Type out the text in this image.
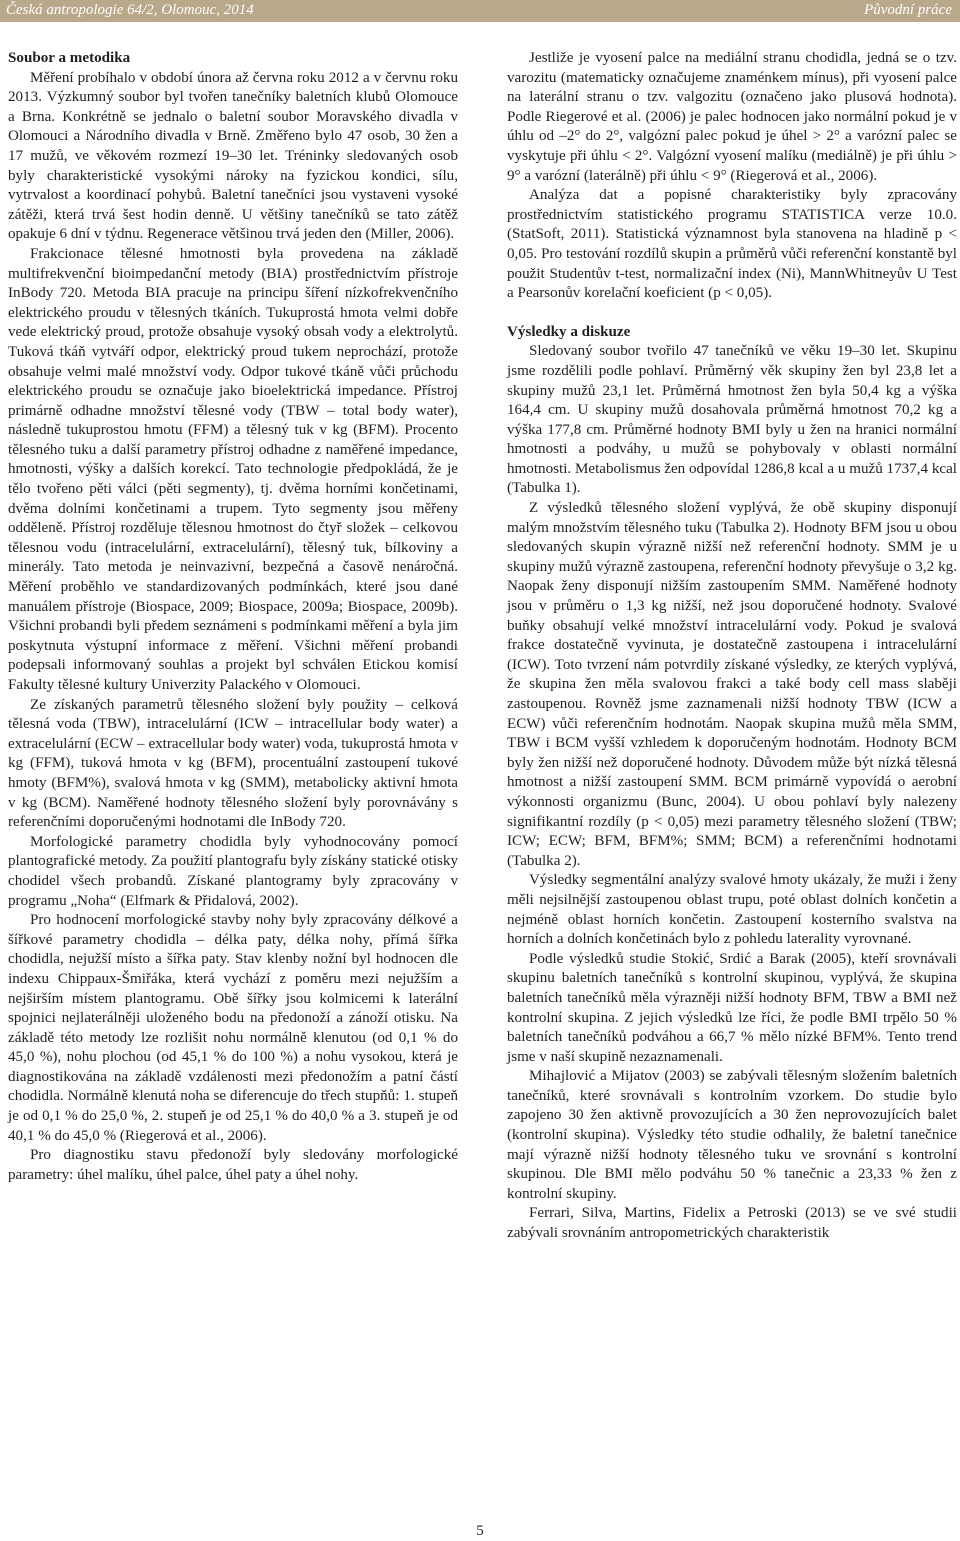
Česká antropologie 64/2, Olomouc, 2014	Původní práce
Soubor a metodika

Měření probíhalo v období února až června roku 2012 a v červnu roku 2013. Výzkumný soubor byl tvořen tanečníky baletních klubů Olomouce a Brna. Konkrétně se jednalo o baletní soubor Moravského divadla v Olomouci a Národního divadla v Brně. Změřeno bylo 47 osob, 30 žen a 17 mužů, ve věkovém rozmezí 19–30 let. Tréninky sledovaných osob byly charakteristické vysokými nároky na fyzickou kondici, sílu, vytrvalost a koordinací pohybů. Baletní tanečníci jsou vystaveni vysoké zátěži, která trvá šest hodin denně. U většiny tanečníků se tato zátěž opakuje 6 dní v týdnu. Regenerace většinou trvá jeden den (Miller, 2006).

Frakcionace tělesné hmotnosti byla provedena na základě multifrekvenční bioimpedanční metody (BIA) prostřednictvím přístroje InBody 720. Metoda BIA pracuje na principu šíření nízkofrekvenčního elektrického proudu v tělesných tkáních. Tukuprostá hmota velmi dobře vede elektrický proud, protože obsahuje vysoký obsah vody a elektrolytů. Tuková tkáň vytváří odpor, elektrický proud tukem neprochází, protože obsahuje velmi malé množství vody. Odpor tukové tkáně vůči průchodu elektrického proudu se označuje jako bioelektrická impedance. Přístroj primárně odhadne množství tělesné vody (TBW – total body water), následně tukuprostou hmotu (FFM) a tělesný tuk v kg (BFM). Procento tělesného tuku a další parametry přístroj odhadne z naměřené impedance, hmotnosti, výšky a dalších korekcí. Tato technologie předpokládá, že je tělo tvořeno pěti válci (pěti segmenty), tj. dvěma horními končetinami, dvěma dolními končetinami a trupem. Tyto segmenty jsou měřeny odděleně. Přístroj rozděluje tělesnou hmotnost do čtyř složek – celkovou tělesnou vodu (intracelulární, extracelulární), tělesný tuk, bílkoviny a minerály. Tato metoda je neinvazivní, bezpečná a časově nenáročná. Měření proběhlo ve standardizovaných podmínkách, které jsou dané manuálem přístroje (Biospace, 2009; Biospace, 2009a; Biospace, 2009b). Všichni probandi byli předem seznámeni s podmínkami měření a byla jim poskytnuta výstupní informace z měření. Všichni měření probandi podepsali informovaný souhlas a projekt byl schválen Etickou komisí Fakulty tělesné kultury Univerzity Palackého v Olomouci.

Ze získaných parametrů tělesného složení byly použity – celková tělesná voda (TBW), intracelulární (ICW – intracellular body water) a extracelulární (ECW – extracellular body water) voda, tukuprostá hmota v kg (FFM), tuková hmota v kg (BFM), procentuální zastoupení tukové hmoty (BFM%), svalová hmota v kg (SMM), metabolicky aktivní hmota v kg (BCM). Naměřené hodnoty tělesného složení byly porovnávány s referenčními doporučenými hodnotami dle InBody 720.

Morfologické parametry chodidla byly vyhodnocovány pomocí plantografické metody. Za použití plantografu byly získány statické otisky chodidel všech probandů. Získané plantogramy byly zpracovány v programu „Noha“ (Elfmark & Přidalová, 2002).

Pro hodnocení morfologické stavby nohy byly zpracovány délkové a šířkové parametry chodidla – délka paty, délka nohy, přímá šířka chodidla, nejužší místo a šířka paty. Stav klenby nožní byl hodnocen dle indexu Chippaux-Šmiřáka, která vychází z poměru mezi nejužším a nejširším místem plantogramu. Obě šířky jsou kolmicemi k laterální spojnici nejlaterálněji uloženého bodu na předonoží a zánoží otisku. Na základě této metody lze rozlišit nohu normálně klenutou (od 0,1 % do 45,0 %), nohu plochou (od 45,1 % do 100 %) a nohu vysokou, která je diagnostikována na základě vzdálenosti mezi předonožím a patní částí chodidla. Normálně klenutá noha se diferencuje do třech stupňů: 1. stupeň je od 0,1 % do 25,0 %, 2. stupeň je od 25,1 % do 40,0 % a 3. stupeň je od 40,1 % do 45,0 % (Riegerová et al., 2006).

Pro diagnostiku stavu předonoží byly sledovány morfologické parametry: úhel malíku, úhel palce, úhel paty a úhel nohy.

Jestliže je vyosení palce na mediální stranu chodidla, jedná se o tzv. varozitu (matematicky označujeme znaménkem mínus), při vyosení palce na laterální stranu o tzv. valgozitu (označeno jako plusová hodnota). Podle Riegerové et al. (2006) je palec hodnocen jako normální pokud je v úhlu od –2° do 2°, valgózní palec pokud je úhel > 2° a varózní palec se vyskytuje při úhlu < 2°. Valgózní vyosení malíku (mediálně) je při úhlu > 9° a varózní (laterálně) při úhlu < 9° (Riegerová et al., 2006).

Analýza dat a popisné charakteristiky byly zpracovány prostřednictvím statistického programu STATISTICA verze 10.0. (StatSoft, 2011). Statistická významnost byla stanovena na hladině p < 0,05. Pro testování rozdílů skupin a průměrů vůči referenční konstantě byl použit Studentův t-test, normalizační index (Ni), MannWhitneyův U Test a Pearsonův korelační koeficient (p < 0,05).

Výsledky a diskuze

Sledovaný soubor tvořilo 47 tanečníků ve věku 19–30 let. Skupinu jsme rozdělili podle pohlaví. Průměrný věk skupiny žen byl 23,8 let a skupiny mužů 23,1 let. Průměrná hmotnost žen byla 50,4 kg a výška 164,4 cm. U skupiny mužů dosahovala průměrná hmotnost 70,2 kg a výška 177,8 cm. Průměrné hodnoty BMI byly u žen na hranici normální hmotnosti a podváhy, u mužů se pohybovaly v oblasti normální hmotnosti. Metabolismus žen odpovídal 1286,8 kcal a u mužů 1737,4 kcal (Tabulka 1).

Z výsledků tělesného složení vyplývá, že obě skupiny disponují malým množstvím tělesného tuku (Tabulka 2). Hodnoty BFM jsou u obou sledovaných skupin výrazně nižší než referenční hodnoty. SMM je u skupiny mužů výrazně zastoupena, referenční hodnoty převyšuje o 3,2 kg. Naopak ženy disponují nižším zastoupením SMM. Naměřené hodnoty jsou v průměru o 1,3 kg nižší, než jsou doporučené hodnoty. Svalové buňky obsahují velké množství intracelulární vody. Pokud je svalová frakce dostatečně vyvinuta, je dostatečně zastoupena i intracelulární (ICW). Toto tvrzení nám potvrdily získané výsledky, ze kterých vyplývá, že skupina žen měla svalovou frakci a také body cell mass slaběji zastoupenou. Rovněž jsme zaznamenali nižší hodnoty TBW (ICW a ECW) vůči referenčním hodnotám. Naopak skupina mužů měla SMM, TBW i BCM vyšší vzhledem k doporučeným hodnotám. Hodnoty BCM byly žen nižší než doporučené hodnoty. Důvodem může být nízká tělesná hmotnost a nižší zastoupení SMM. BCM primárně vypovídá o aerobní výkonnosti organizmu (Bunc, 2004). U obou pohlaví byly nalezeny signifikantní rozdíly (p < 0,05) mezi parametry tělesného složení (TBW; ICW; ECW; BFM, BFM%; SMM; BCM) a referenčními hodnotami (Tabulka 2).

Výsledky segmentální analýzy svalové hmoty ukázaly, že muži i ženy měli nejsilnější zastoupenou oblast trupu, poté oblast dolních končetin a nejméně oblast horních končetin. Zastoupení kosterního svalstva na horních a dolních končetinách bylo z pohledu laterality vyrovnané.

Podle výsledků studie Stokić, Srdić a Barak (2005), kteří srovnávali skupinu baletních tanečníků s kontrolní skupinou, vyplývá, že skupina baletních tanečníků měla výrazněji nižší hodnoty BFM, TBW a BMI než kontrolní skupina. Z jejich výsledků lze říci, že podle BMI trpělo 50 % baletních tanečníků podváhou a 66,7 % mělo nízké BFM%. Tento trend jsme v naší skupině nezaznamenali.

Mihajlović a Mijatov (2003) se zabývali tělesným složením baletních tanečníků, které srovnávali s kontrolním vzorkem. Do studie bylo zapojeno 30 žen aktivně provozujících a 30 žen neprovozujících balet (kontrolní skupina). Výsledky této studie odhalily, že baletní tanečnice mají výrazně nižší hodnoty tělesného tuku ve srovnání s kontrolní skupinou. Dle BMI mělo podváhu 50 % tanečnic a 23,33 % žen z kontrolní skupiny.

Ferrari, Silva, Martins, Fidelix a Petroski (2013) se ve své studii zabývali srovnáním antropometrických charakteristik

5
